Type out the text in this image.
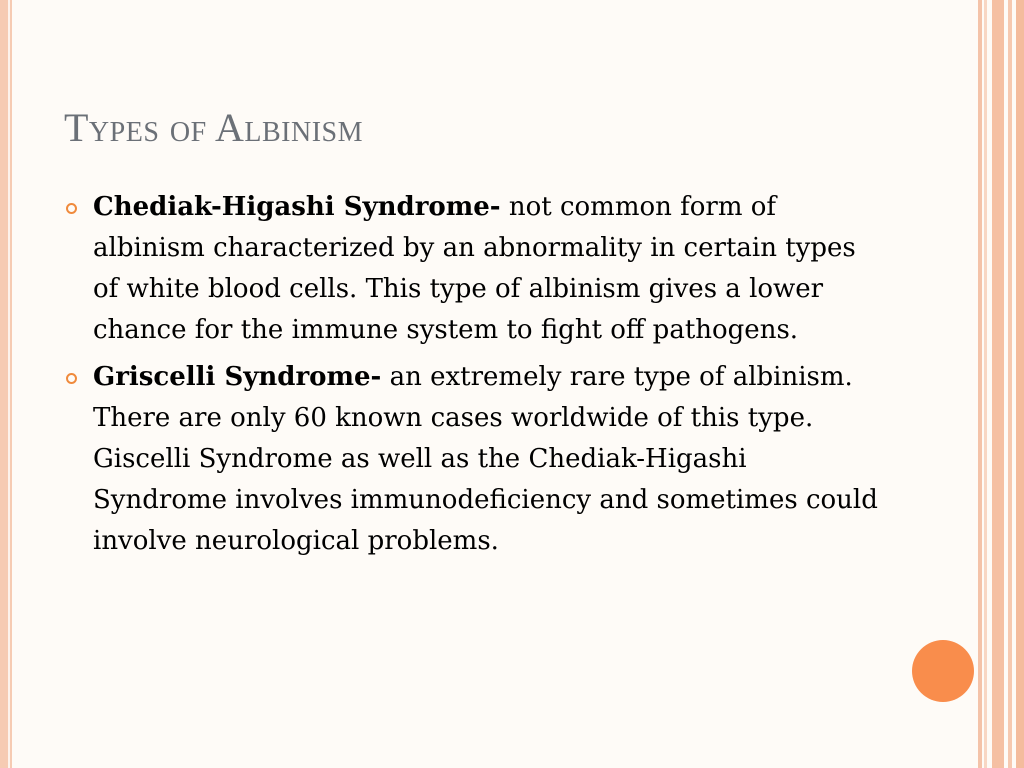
Types of Albinism
Chediak-Higashi Syndrome- not common form of albinism characterized by an abnormality in certain types of white blood cells. This type of albinism gives a lower chance for the immune system to fight off pathogens.
Griscelli Syndrome- an extremely rare type of albinism. There are only 60 known cases worldwide of this type. Giscelli Syndrome as well as the Chediak-Higashi Syndrome involves immunodeficiency and sometimes could involve neurological problems.
